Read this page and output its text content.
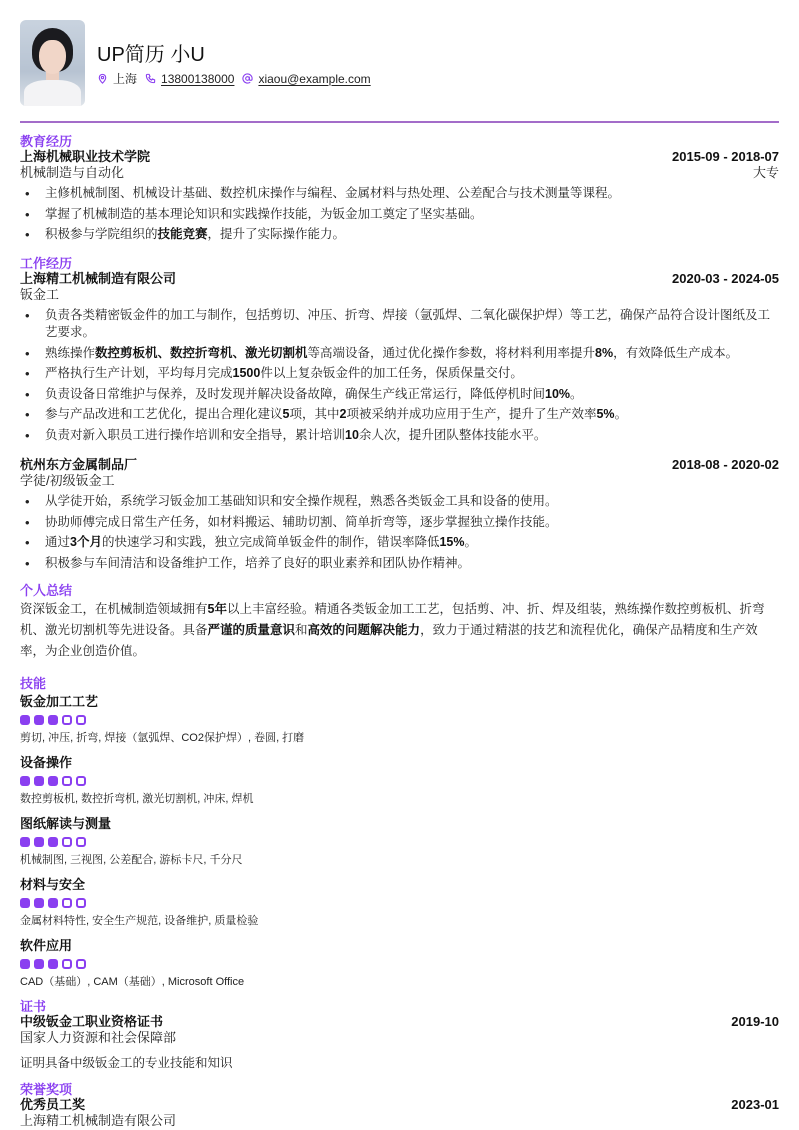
UP简历 小U
上海 13800138000 xiaou@example.com
教育经历
上海机械职业技术学院	2015-09 - 2018-07
机械制造与自动化	大专
• 主修机械制图、机械设计基础、数控机床操作与编程、金属材料与热处理、公差配合与技术测量等课程。
• 掌握了机械制造的基本理论知识和实践操作技能，为钣金加工奠定了坚实基础。
• 积极参与学院组织的技能竞赛，提升了实际操作能力。
工作经历
上海精工机械制造有限公司	2020-03 - 2024-05
钣金工
• 负责各类精密钣金件的加工与制作，包括剪切、冲压、折弯、焊接（氩弧焊、二氧化碳保护焊）等工艺，确保产品符合设计图纸及工艺要求。
• 熟练操作数控剪板机、数控折弯机、激光切割机等高端设备，通过优化操作参数，将材料利用率提升8%，有效降低生产成本。
• 严格执行生产计划，平均每月完成1500件以上复杂钣金件的加工任务，保质保量交付。
• 负责设备日常维护与保养，及时发现并解决设备故障，确保生产线正常运行，降低停机时间10%。
• 参与产品改进和工艺优化，提出合理化建议5项，其中2项被采纳并成功应用于生产，提升了生产效率5%。
• 负责对新入职员工进行操作培训和安全指导，累计培训10余人次，提升团队整体技能水平。
杭州东方金属制品厂	2018-08 - 2020-02
学徒/初级钣金工
• 从学徒开始，系统学习钣金加工基础知识和安全操作规程，熟悉各类钣金工具和设备的使用。
• 协助师傅完成日常生产任务，如材料搬运、辅助切割、简单折弯等，逐步掌握独立操作技能。
• 通过3个月的快速学习和实践，独立完成简单钣金件的制作，错误率降低15%。
• 积极参与车间清洁和设备维护工作，培养了良好的职业素养和团队协作精神。
个人总结
资深钣金工，在机械制造领域拥有5年以上丰富经验。精通各类钣金加工工艺，包括剪、冲、折、焊及组装，熟练操作数控剪板机、折弯机、激光切割机等先进设备。具备严谨的质量意识和高效的问题解决能力，致力于通过精湛的技艺和流程优化，确保产品精度和生产效率，为企业创造价值。
技能
钣金加工工艺
剪切, 冲压, 折弯, 焊接（氩弧焊、CO2保护焊）, 卷圆, 打磨
设备操作
数控剪板机, 数控折弯机, 激光切割机, 冲床, 焊机
图纸解读与测量
机械制图, 三视图, 公差配合, 游标卡尺, 千分尺
材料与安全
金属材料特性, 安全生产规范, 设备维护, 质量检验
软件应用
CAD（基础）, CAM（基础）, Microsoft Office
证书
中级钣金工职业资格证书	2019-10
国家人力资源和社会保障部
证明具备中级钣金工的专业技能和知识
荣誉奖项
优秀员工奖	2023-01
上海精工机械制造有限公司
